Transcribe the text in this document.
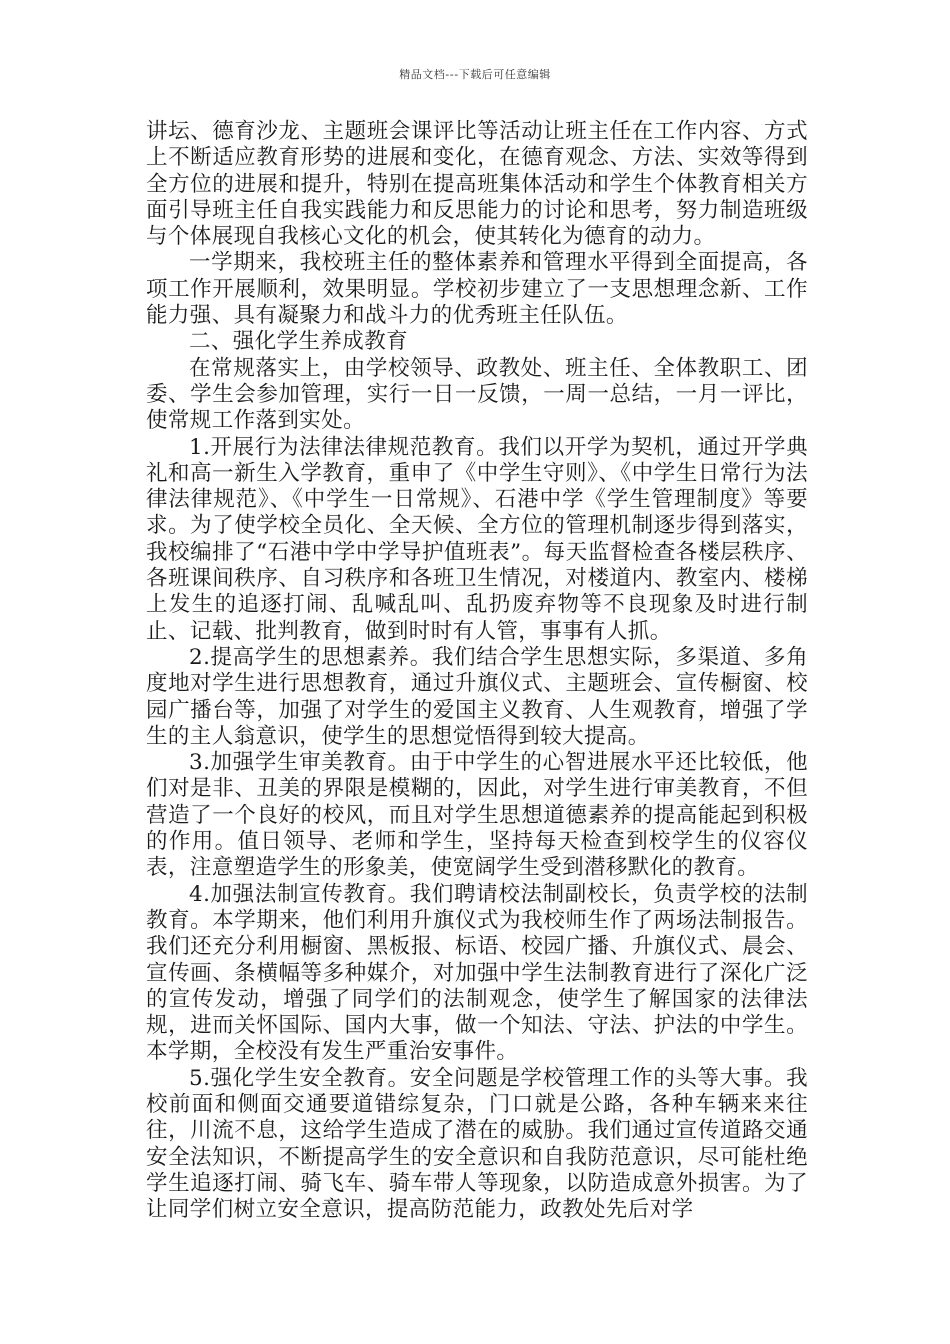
精品文档---下载后可任意编辑

讲坛、德育沙龙、主题班会课评比等活动让班主任在工作内容、方式上不断适应教育形势的进展和变化，在德育观念、方法、实效等得到全方位的进展和提升，特别在提高班集体活动和学生个体教育相关方面引导班主任自我实践能力和反思能力的讨论和思考，努力制造班级与个体展现自我核心文化的机会，使其转化为德育的动力。

一学期来，我校班主任的整体素养和管理水平得到全面提高，各项工作开展顺利，效果明显。学校初步建立了一支思想理念新、工作能力强、具有凝聚力和战斗力的优秀班主任队伍。

二、强化学生养成教育

在常规落实上，由学校领导、政教处、班主任、全体教职工、团委、学生会参加管理，实行一日一反馈，一周一总结，一月一评比，使常规工作落到实处。

1.开展行为法律法律规范教育。我们以开学为契机，通过开学典礼和高一新生入学教育，重申了《中学生守则》、《中学生日常行为法律法律规范》、《中学生一日常规》、石港中学《学生管理制度》等要求。为了使学校全员化、全天候、全方位的管理机制逐步得到落实，我校编排了“石港中学中学导护值班表”。每天监督检查各楼层秩序、各班课间秩序、自习秩序和各班卫生情况，对楼道内、教室内、楼梯上发生的追逐打闹、乱喊乱叫、乱扔废弃物等不良现象及时进行制止、记载、批判教育，做到时时有人管，事事有人抓。

2.提高学生的思想素养。我们结合学生思想实际，多渠道、多角度地对学生进行思想教育，通过升旗仪式、主题班会、宣传橱窗、校园广播台等，加强了对学生的爱国主义教育、人生观教育，增强了学生的主人翁意识，使学生的思想觉悟得到较大提高。

3.加强学生审美教育。由于中学生的心智进展水平还比较低，他们对是非、丑美的界限是模糊的，因此，对学生进行审美教育，不但营造了一个良好的校风，而且对学生思想道德素养的提高能起到积极的作用。值日领导、老师和学生，坚持每天检查到校学生的仪容仪表，注意塑造学生的形象美，使宽阔学生受到潜移默化的教育。

4.加强法制宣传教育。我们聘请校法制副校长，负责学校的法制教育。本学期来，他们利用升旗仪式为我校师生作了两场法制报告。我们还充分利用橱窗、黑板报、标语、校园广播、升旗仪式、晨会、宣传画、条横幅等多种媒介，对加强中学生法制教育进行了深化广泛的宣传发动，增强了同学们的法制观念，使学生了解国家的法律法规，进而关怀国际、国内大事，做一个知法、守法、护法的中学生。本学期，全校没有发生严重治安事件。

5.强化学生安全教育。安全问题是学校管理工作的头等大事。我校前面和侧面交通要道错综复杂，门口就是公路，各种车辆来来往往，川流不息，这给学生造成了潜在的威胁。我们通过宣传道路交通安全法知识，不断提高学生的安全意识和自我防范意识，尽可能杜绝学生追逐打闹、骑飞车、骑车带人等现象，以防造成意外损害。为了让同学们树立安全意识，提高防范能力，政教处先后对学
